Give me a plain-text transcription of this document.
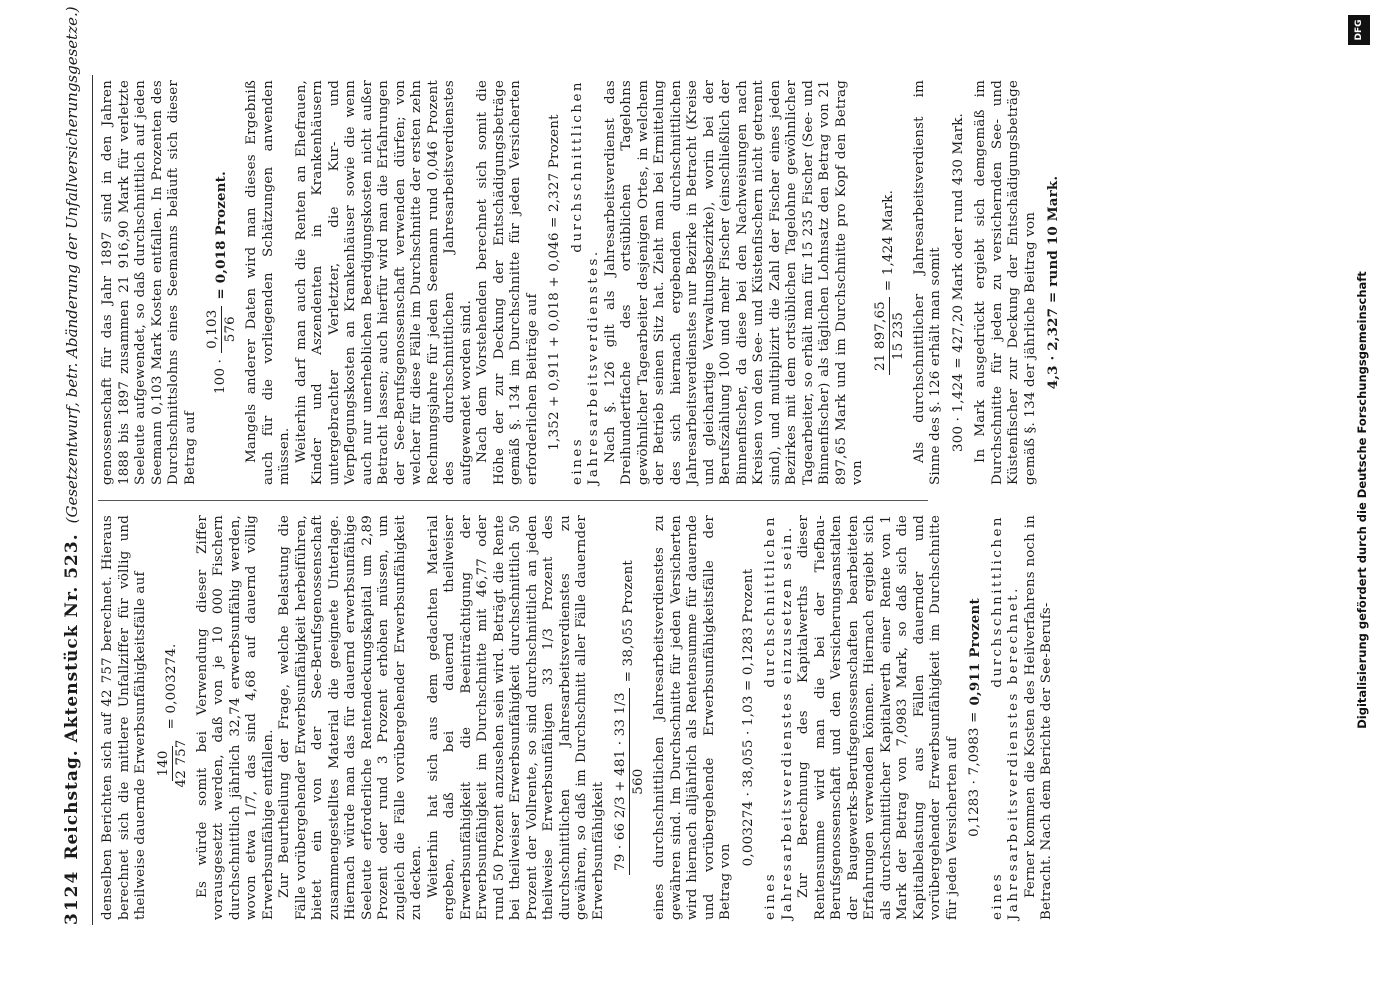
3124
Reichstag. Aktenstück Nr. 523.
(Gesetzentwurf, betr. Abänderung der Unfallversicherungsgesetze.)

denselben Berichten sich auf 42 757 berechnet. Hieraus berechnet sich die mittlere Unfallziffer für völlig und theilweise dauernde Erwerbsunfähigkeitsfälle auf 140 42 757
= 0,003274. Es würde somit bei Verwendung dieser Ziffer vorausgesetzt werden, daß von je 10 000 Fischern durchschnittlich jährlich 32,74 erwerbsunfähig werden, wovon etwa 1/7, das sind 4,68 auf dauernd völlig Erwerbsunfähige entfallen. Zur Beurtheilung der Frage, welche Belastung die Fälle vorübergehender Erwerbsunfähigkeit herbeiführen, bietet ein von der See-Berufsgenossenschaft zusammengestelltes Material die geeignete Unterlage. Hiernach würde man das für dauernd erwerbsunfähige Seeleute erforderliche Rentendeckungskapital um 2,89 Prozent oder rund 3 Prozent erhöhen müssen, um zugleich die Fälle vorübergehender Erwerbsunfähigkeit zu decken. Weiterhin hat sich aus dem gedachten Material ergeben, daß bei dauernd theilweiser Erwerbsunfähigkeit die Beeinträchtigung der Erwerbsunfähigkeit im Durchschnitte mit 46,77 oder rund 50 Prozent anzusehen sein wird. Beträgt die Rente bei theilweiser Erwerbsunfähigkeit durchschnittlich 50 Prozent der Vollrente, so sind durchschnittlich an jeden theilweise Erwerbsunfähigen 33 1/3 Prozent des durchschnittlichen Jahresarbeitsverdienstes zu gewähren, so daß im Durchschnitt aller Fälle dauernder Erwerbsunfähigkeit 79 · 66 2/3 + 481 · 33 1/3 560
= 38,055 Prozent eines durchschnittlichen Jahresarbeitsverdienstes zu gewähren sind. Im Durchschnitte für jeden Versicherten wird hiernach alljährlich als Rentensumme für dauernde und vorübergehende Erwerbsunfähigkeitsfälle der Betrag von

0,003274 · 38,055 · 1,03 = 0,1283 Prozent eines durchschnittlichen Jahresarbeitsverdienstes einzusetzen sein. Zur Berechnung des Kapitalwerths dieser Rentensumme wird man die bei der Tiefbau-Berufsgenossenschaft und den Versicherungsanstalten der Baugewerks-Berufsgenossenschaften bearbeiteten Erfahrungen verwenden können. Hiernach ergiebt sich als durchschnittlicher Kapitalwerth einer Rente von 1 Mark der Betrag von 7,0983 Mark, so daß sich die Kapitalbelastung aus Fällen dauernder und vorübergehender Erwerbsunfähigkeit im Durchschnitte für jeden Versicherten auf 0,1283 · 7,0983 =
0,911 Prozent eines durchschnittlichen Jahresarbeitsverdienstes berechnet. Ferner kommen die Kosten des Heilverfahrens noch in Betracht. Nach dem Berichte der See-Berufs-

genossenschaft für das Jahr 1897 sind in den Jahren 1888 bis 1897 zusammen 21 916,90 Mark für verletzte Seeleute aufgewendet, so daß durchschnittlich auf jeden Seemann 0,103 Mark Kosten entfallen. In Prozenten des Durchschnittslohns eines Seemanns beläuft sich dieser Betrag auf

100 ·
0,103 576
= 0,018 Prozent. Mangels anderer Daten wird man dieses Ergebniß auch für die vorliegenden Schätzungen anwenden müssen. Weiterhin darf man auch die Renten an Ehefrauen, Kinder und Aszendenten in Krankenhäusern untergebrachter Verletzter, die Kur- und Verpflegungskosten an Krankenhäuser sowie die wenn auch nur unerheblichen Beerdigungskosten nicht außer Betracht lassen; auch hierfür wird man die Erfahrungen der See-Berufsgenossenschaft verwenden dürfen; von welcher für diese Fälle im Durchschnitte der ersten zehn Rechnungsjahre für jeden Seemann rund 0,046 Prozent des durchschnittlichen Jahresarbeitsverdienstes aufgewendet worden sind. Nach dem Vorstehenden berechnet sich somit die Höhe der zur Deckung der Entschädigungsbeträge gemäß §. 134 im Durchschnitte für jeden Versicherten erforderlichen Beiträge auf 1,352 + 0,911 + 0,018 + 0,046 = 2,327 Prozent eines durchschnittlichen Jahresarbeitsverdienstes. Nach §. 126 gilt als Jahresarbeitsverdienst das Dreihundertfache des ortsüblichen Tagelohns gewöhnlicher Tagearbeiter desjenigen Ortes, in welchem der Betrieb seinen Sitz hat. Zieht man bei Ermittelung des sich hiernach ergebenden durchschnittlichen Jahresarbeitsverdienstes nur Bezirke in Betracht (Kreise und gleichartige Verwaltungsbezirke), worin bei der Berufszählung 100 und mehr Fischer (einschließlich der Binnenfischer, da diese bei den Nachweisungen nach Kreisen von den See- und Küstenfischern nicht getrennt sind), und multiplizirt die Zahl der Fischer eines jeden Bezirkes mit dem ortsüblichen Tagelohne gewöhnlicher Tagearbeiter, so erhält man für 15 235 Fischer (See- und Binnenfischer) als täglichen Lohnsatz den Betrag von 21 897,65 Mark und im Durchschnitte pro Kopf den Betrag von

21 897,65 15 235
= 1,424 Mark. Als durchschnittlicher Jahresarbeitsverdienst im Sinne des §. 126 erhält man somit 300 · 1,424 = 427,20 Mark oder rund 430 Mark. In Mark ausgedrückt ergiebt sich demgemäß im Durchschnitte für jeden zu versichernden See- und Küstenfischer zur Deckung der Entschädigungsbeträge gemäß §. 134 der jährliche Beitrag von 4,3 · 2,327 = rund 10 Mark.	Digitalisierung gefördert durch die Deutsche Forschungsgemeinschaft
DFG
